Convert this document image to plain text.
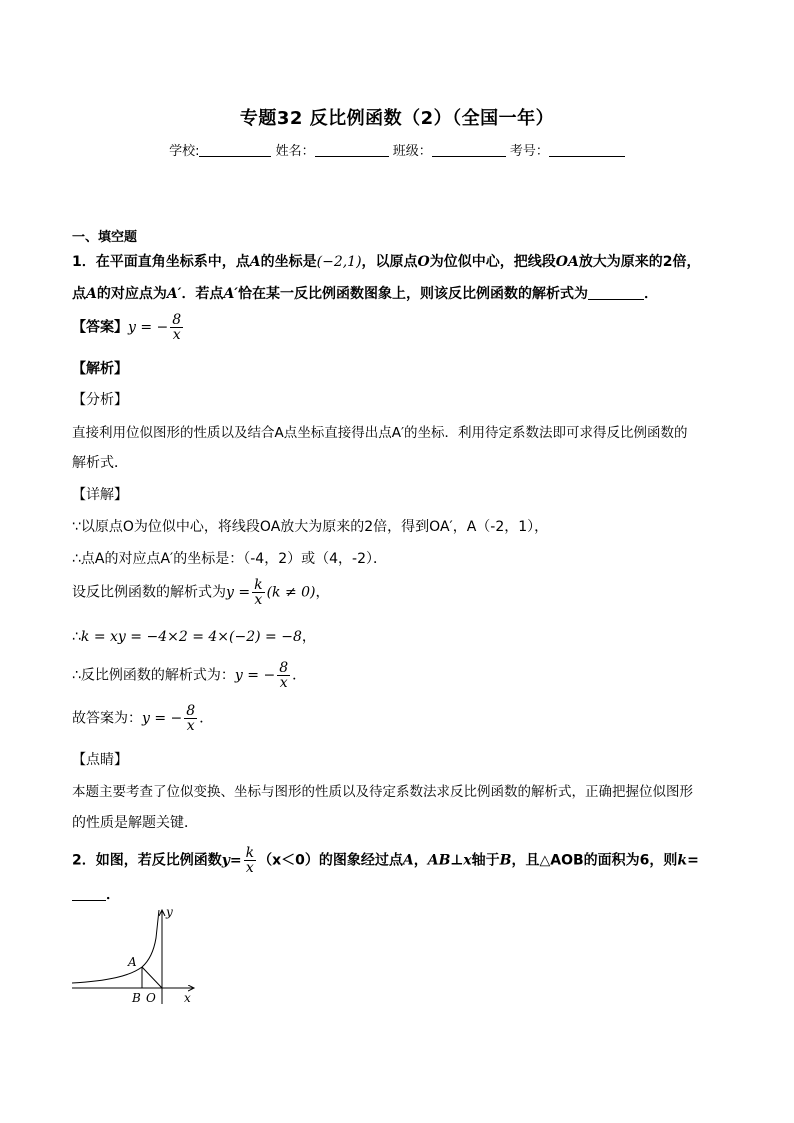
专题32 反比例函数（2）（全国一年）
学校:	姓名：	班级：	考号：
一、填空题
1．在平面直角坐标系中，点A的坐标是(−2,1)，以原点O为位似中心，把线段OA放大为原来的2倍，
点A的对应点为A′．若点A′恰在某一反比例函数图象上，则该反比例函数的解析式为	．
【答案】y = − $\frac{8}{x}$
【解析】
【分析】
直接利用位似图形的性质以及结合A点坐标直接得出点A′的坐标．利用待定系数法即可求得反比例函数的
解析式．
【详解】
∵以原点O为位似中心，将线段OA放大为原来的2倍，得到OA′，A（-2，1），
∴点A的对应点A′的坐标是：（-4，2）或（4，-2）．
设反比例函数的解析式为$y = \frac{k}{x} (k \ne 0)$，
∴k = xy = −4×2 = 4×(−2) = −8，
∴反比例函数的解析式为：y = − $\frac{8}{x}$ ．
故答案为：y = − $\frac{8}{x}$ ．
【点睛】
本题主要考查了位似变换、坐标与图形的性质以及待定系数法求反比例函数的解析式，正确把握位似图形
的性质是解题关键．
2．如图，若反比例函数$y= \frac{k}{x} (x<0)$的图象经过点A，AB⊥x轴于B，且△AOB的面积为6，则k=
．
y
x
A
B O
